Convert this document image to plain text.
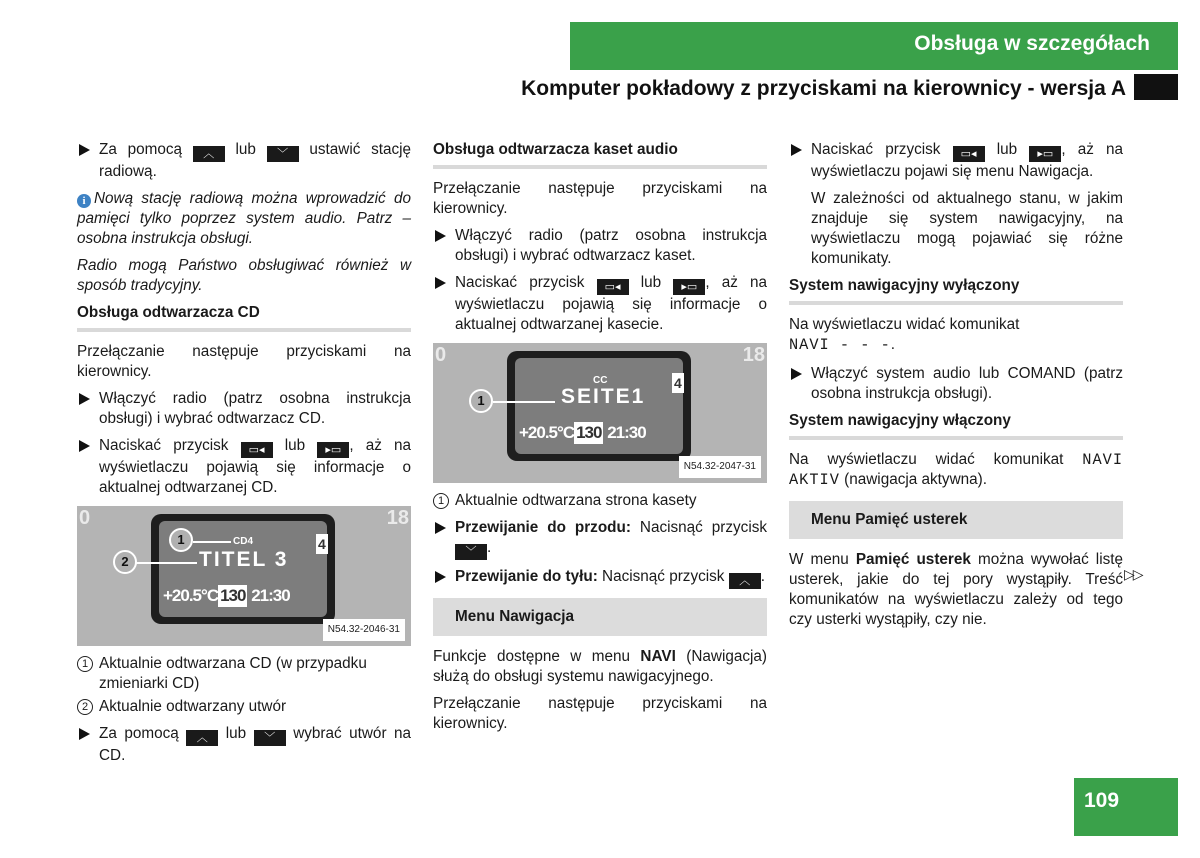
Obsługa w szczegółach
Komputer pokładowy z przyciskami na kierownicy - wersja A
Za pomocą ︿ lub ﹀ ustawić stację radiową.

i Nową stację radiową można wprowadzić do pamięci tylko poprzez system audio. Patrz – osobna instrukcja obsługi.

Radio mogą Państwo obsługiwać również w sposób tradycyjny.

Obsługa odtwarzacza CD

Przełączanie następuje przyciskami na kierownicy.

Włączyć radio (patrz osobna instrukcja obsługi) i wybrać odtwarzacz CD.
Naciskać przycisk ▭◂ lub ▸▭ , aż na wyświetlaczu pojawią się informacje o aktualnej odtwarzanej CD.
0	18
CD4	4
TITEL 3
+20.5°C 130 21:30
1
2
N54.32-2046-31
1 Aktualnie odtwarzana CD (w przypadku zmieniarki CD)
2 Aktualnie odtwarzany utwór
Za pomocą ︿ lub ﹀ wybrać utwór na CD.
Obsługa odtwarzacza kaset audio

Przełączanie następuje przyciskami na kierownicy.

Włączyć radio (patrz osobna instrukcja obsługi) i wybrać odtwarzacz kaset.
Naciskać przycisk ▭◂ lub ▸▭ , aż na wyświetlaczu pojawią się informacje o aktualnej odtwarzanej kasecie.
0	18
CC	4
SEITE1
+20.5°C 130 21:30
1
N54.32-2047-31
1 Aktualnie odtwarzana strona kasety
Przewijanie do przodu: Nacisnąć przycisk ﹀ .
Przewijanie do tyłu: Nacisnąć przycisk ︿ .
Menu Nawigacja

Funkcje dostępne w menu NAVI (Nawigacja) służą do obsługi systemu nawigacyjnego.

Przełączanie następuje przyciskami na kierownicy.

Naciskać przycisk ▭◂ lub ▸▭ , aż na wyświetlaczu pojawi się menu Nawigacja.

W zależności od aktualnego stanu, w jakim znajduje się system nawigacyjny, na wyświetlaczu mogą pojawiać się różne komunikaty.

System nawigacyjny wyłączony

Na wyświetlaczu widać komunikat
NAVI - - -.

Włączyć system audio lub COMAND (patrz osobna instrukcja obsługi).
System nawigacyjny włączony

Na wyświetlaczu widać komunikat NAVI AKTIV (nawigacja aktywna).

Menu Pamięć usterek

W menu Pamięć usterek można wywołać listę usterek, jakie do tej pory wystąpiły. Treść komunikatów na wyświetlaczu zależy od tego czy usterki wystąpiły, czy nie.

▷▷
109
